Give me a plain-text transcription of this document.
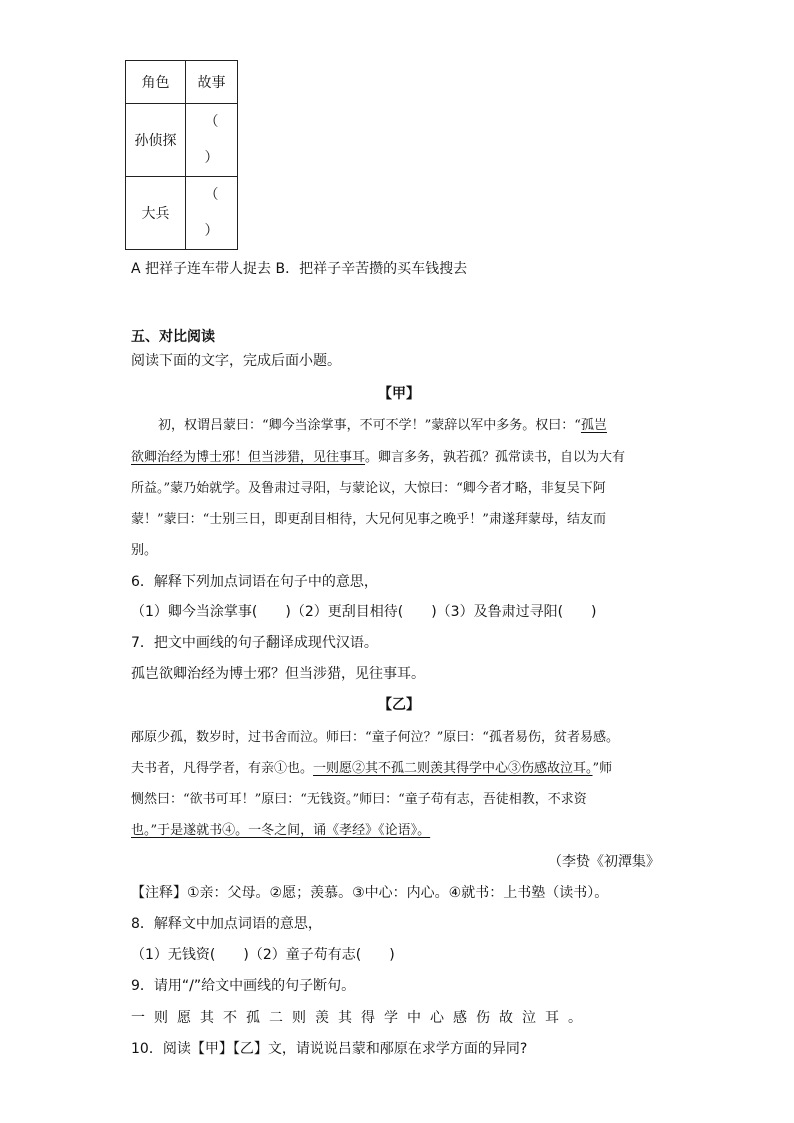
角色	故事
孙侦探	（
）

大兵	（
）
A 把祥子连车带人捉去 B．把祥子辛苦攒的买车钱搜去
五、对比阅读
阅读下面的文字，完成后面小题。
【甲】
初，权谓吕蒙曰：“卿今当涂掌事，不可不学！”蒙辞以军中多务。权曰：“孤岂
欲卿治经为博士邪！但当涉猎，见往事耳。卿言多务，孰若孤？孤常读书，自以为大有
所益。”蒙乃始就学。及鲁肃过寻阳，与蒙论议，大惊曰：“卿今者才略，非复吴下阿
蒙！”蒙曰：“士别三日，即更刮目相待，大兄何见事之晚乎！”肃遂拜蒙母，结友而
别。
6．解释下列加点词语在句子中的意思，
（1）卿今当涂掌事(　　)（2）更刮目相待(　　)（3）及鲁肃过寻阳(　　)
7．把文中画线的句子翻译成现代汉语。
孤岂欲卿治经为博士邪？但当涉猎，见往事耳。
【乙】
邴原少孤，数岁时，过书舍而泣。师曰：“童子何泣？”原曰：“孤者易伤，贫者易感。
夫书者，凡得学者，有亲①也。一则愿②其不孤二则羡其得学中心③伤感故泣耳。”师
恻然曰：“欲书可耳！”原曰：“无钱资。”师曰：“童子苟有志，吾徒相教，不求资
也。”于是遂就书④。一冬之间，诵《孝经》《论语》。
（李贽《初潭集》
【注释】①亲：父母。②愿；羡慕。③中心：内心。④就书：上书塾（读书）。
8．解释文中加点词语的意思，
（1）无钱资(　　)（2）童子苟有志(　　)
9．请用“/”给文中画线的句子断句。
一则愿其不孤二则羡其得学中心感伤故泣耳。
10．阅读【甲】【乙】文，请说说吕蒙和邴原在求学方面的异同?
